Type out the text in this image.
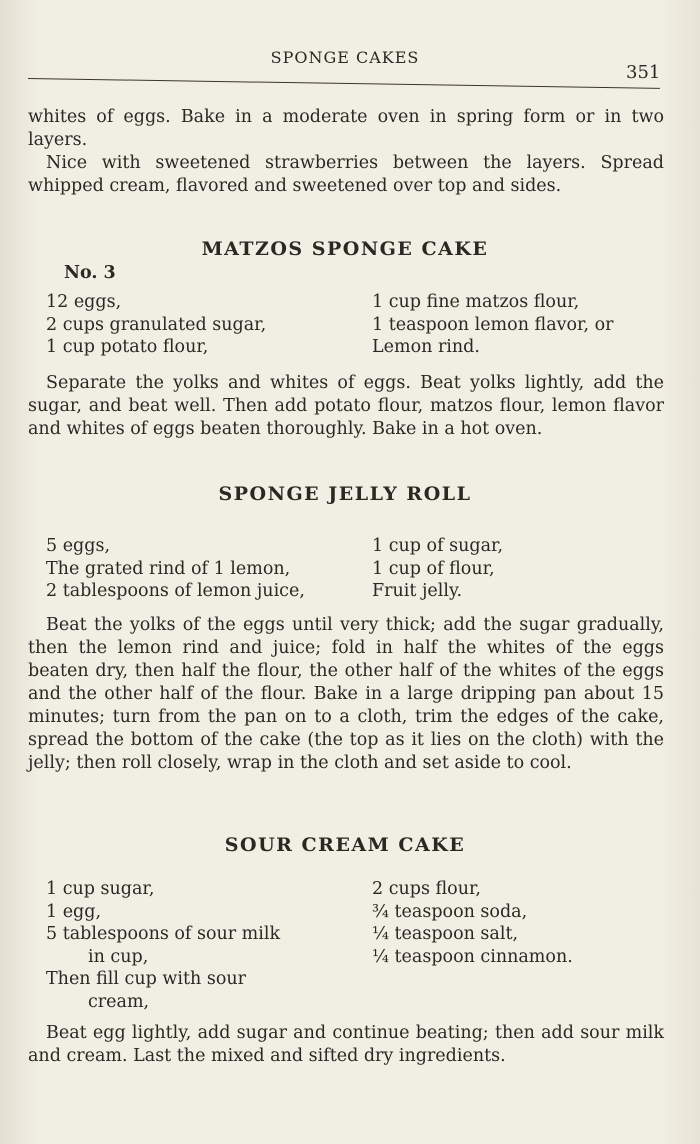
SPONGE CAKES
351
whites of eggs. Bake in a moderate oven in spring form or in two layers.
Nice with sweetened strawberries between the layers. Spread whipped cream, flavored and sweetened over top and sides.
MATZOS SPONGE CAKE
No. 3
12 eggs,
2 cups granulated sugar,
1 cup potato flour,
1 cup fine matzos flour,
1 teaspoon lemon flavor, or
Lemon rind.
Separate the yolks and whites of eggs. Beat yolks lightly, add the sugar, and beat well. Then add potato flour, matzos flour, lemon flavor and whites of eggs beaten thoroughly. Bake in a hot oven.
SPONGE JELLY ROLL
5 eggs,
The grated rind of 1 lemon,
2 tablespoons of lemon juice,
1 cup of sugar,
1 cup of flour,
Fruit jelly.
Beat the yolks of the eggs until very thick; add the sugar gradually, then the lemon rind and juice; fold in half the whites of the eggs beaten dry, then half the flour, the other half of the whites of the eggs and the other half of the flour. Bake in a large dripping pan about 15 minutes; turn from the pan on to a cloth, trim the edges of the cake, spread the bottom of the cake (the top as it lies on the cloth) with the jelly; then roll closely, wrap in the cloth and set aside to cool.
SOUR CREAM CAKE
1 cup sugar,
1 egg,
5 tablespoons of sour milk
in cup,
Then fill cup with sour
cream,
2 cups flour,
¾ teaspoon soda,
¼ teaspoon salt,
¼ teaspoon cinnamon.
Beat egg lightly, add sugar and continue beating; then add sour milk and cream. Last the mixed and sifted dry ingredients.
